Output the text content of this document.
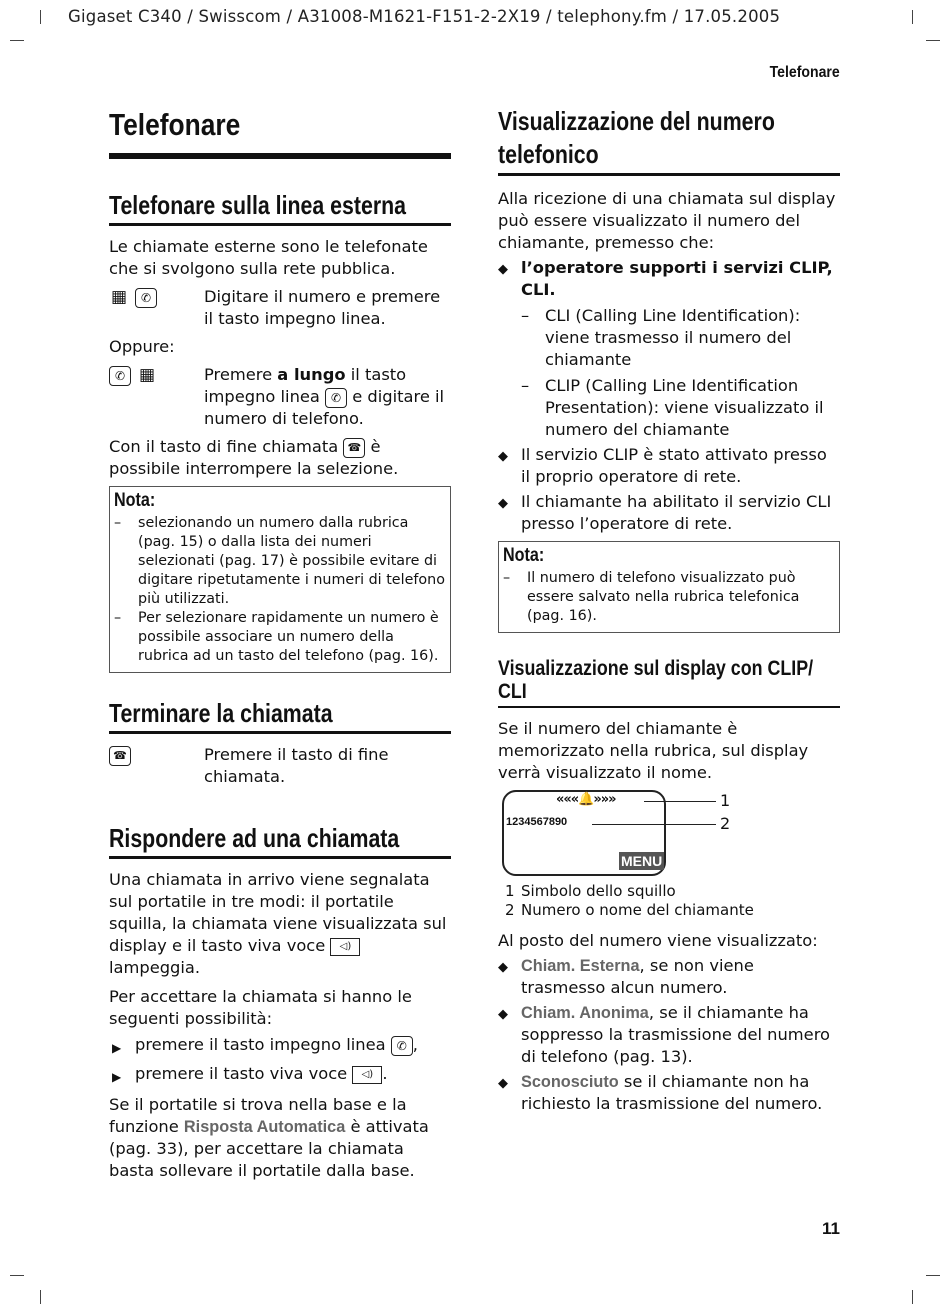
Gigaset C340 / Swisscom / A31008-M1621-F151-2-2X19 / telephony.fm / 17.05.2005
Telefonare
Telefonare
Telefonare sulla linea esterna

Le chiamate esterne sono le telefonate che si svolgono sulla rete pubblica.

▦	✆	Digitare il numero e premere il tasto impegno linea.

Oppure:

✆ ▦	Premere a lungo il tasto impegno linea ✆ e digitare il numero di telefono.

Con il tasto di fine chiamata ☎ è possibile interrompere la selezione.

Nota:
–	selezionando un numero dalla rubrica (pag. 15) o dalla lista dei numeri selezionati (pag. 17) è possibile evitare di digitare ripetutamente i numeri di telefono più utilizzati.
–	Per selezionare rapidamente un numero è possibile associare un numero della rubrica ad un tasto del telefono (pag. 16).
Terminare la chiamata
☎	Premere il tasto di fine chiamata.
Rispondere ad una chiamata

Una chiamata in arrivo viene segnalata sul portatile in tre modi: il portatile squilla, la chiamata viene visualizzata sul display e il tasto viva voce ◁) lampeggia.

Per accettare la chiamata si hanno le seguenti possibilità:

▶ premere il tasto impegno linea ✆ ,
▶ premere il tasto viva voce ◁) .

Se il portatile si trova nella base e la funzione Risposta Automatica è attivata (pag. 33), per accettare la chiamata basta sollevare il portatile dalla base.

Visualizzazione del numero telefonico

Alla ricezione di una chiamata sul display può essere visualizzato il numero del chiamante, premesso che:

◆ l’operatore supporti i servizi CLIP, CLI.
– CLI (Calling Line Identification): viene trasmesso il numero del chiamante
– CLIP (Calling Line Identification Presentation): viene visualizzato il numero del chiamante
◆ Il servizio CLIP è stato attivato presso il proprio operatore di rete.
◆ Il chiamante ha abilitato il servizio CLI presso l’operatore di rete.
Nota:
–	Il numero di telefono visualizzato può essere salvato nella rubrica telefonica (pag. 16).
Visualizzazione sul display con CLIP/ CLI

Se il numero del chiamante è memorizzato nella rubrica, sul display verrà visualizzato il nome.

«««🔔»»»
1234567890
MENU
1
2
1 Simbolo dello squillo
2 Numero o nome del chiamante

Al posto del numero viene visualizzato:

◆ Chiam. Esterna, se non viene trasmesso alcun numero.
◆ Chiam. Anonima, se il chiamante ha soppresso la trasmissione del numero di telefono (pag. 13).
◆ Sconosciuto se il chiamante non ha richiesto la trasmissione del numero.
11
